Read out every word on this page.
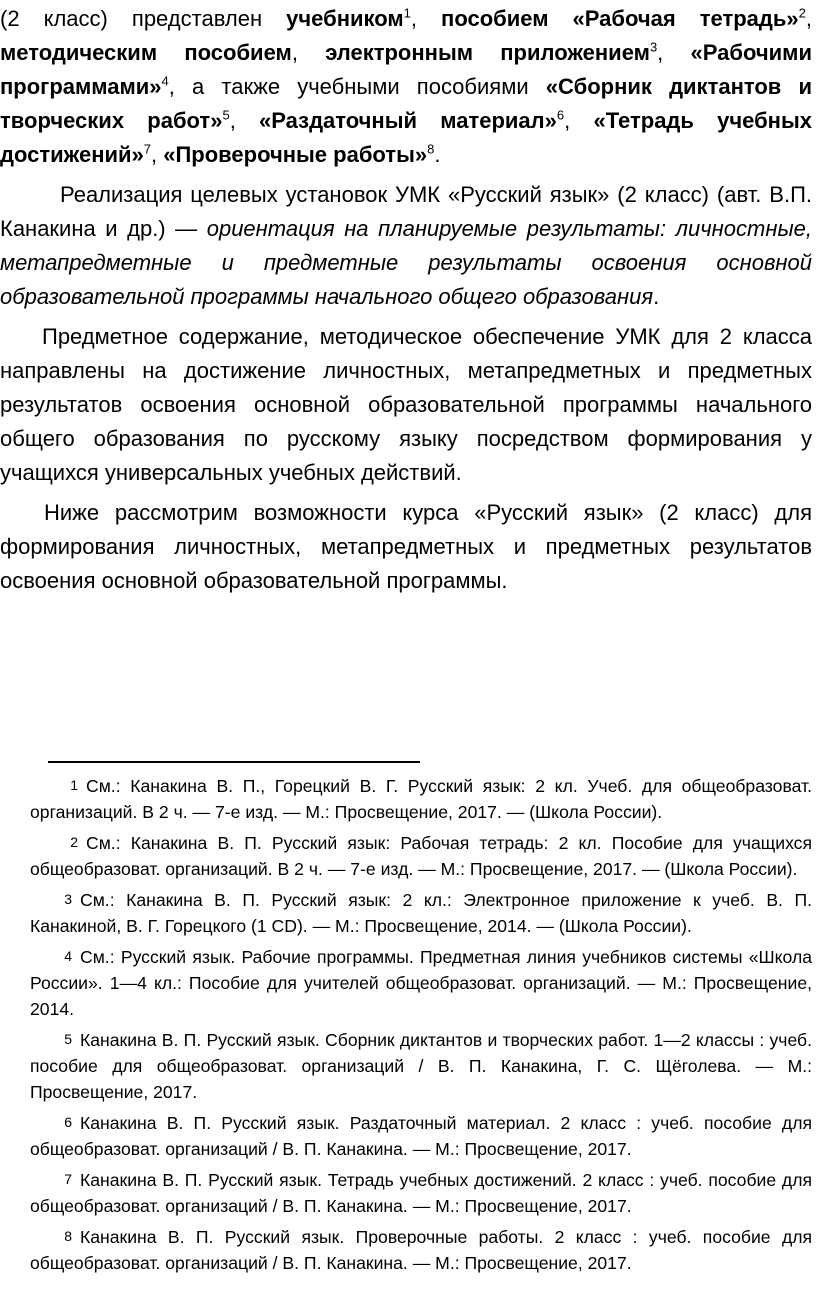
(2 класс) представлен учебником$^1$, пособием «Рабочая тетрадь»$^2$, методическим пособием, электронным приложением$^3$, «Рабочими программами»$^4$, а также учебными пособиями «Сборник диктантов и творческих работ»$^5$, «Раздаточный материал»$^6$, «Тетрадь учебных достижений»$^7$, «Проверочные работы»$^8$.

Реализация целевых установок УМК «Русский язык» (2 класс) (авт. В.П. Канакина и др.) — ориентация на планируемые результаты: личностные, метапредметные и предметные результаты освоения основной образовательной программы начального общего образования.

Предметное содержание, методическое обеспечение УМК для 2 класса направлены на достижение личностных, метапредметных и предметных результатов освоения основной образовательной программы начального общего образования по русскому языку посредством формирования у учащихся универсальных учебных действий.

Ниже рассмотрим возможности курса «Русский язык» (2 класс) для формирования личностных, метапредметных и предметных результатов освоения основной образовательной программы.

1 См.: Канакина В. П., Горецкий В. Г. Русский язык: 2 кл. Учеб. для общеобразоват. организаций. В 2 ч. — 7-е изд. — М.: Просвещение, 2017. — (Школа России).

2 См.: Канакина В. П. Русский язык: Рабочая тетрадь: 2 кл. Пособие для учащихся общеобразоват. организаций. В 2 ч. — 7-е изд. — М.: Просвещение, 2017. — (Школа России).

3 См.: Канакина В. П. Русский язык: 2 кл.: Электронное приложение к учеб. В. П. Канакиной, В. Г. Горецкого (1 CD). — М.: Просвещение, 2014. — (Школа России).

4 См.: Русский язык. Рабочие программы. Предметная линия учебников системы «Школа России». 1—4 кл.: Пособие для учителей общеобразоват. организаций. — М.: Просвещение, 2014.

5 Канакина В. П. Русский язык. Сборник диктантов и творческих работ. 1—2 классы : учеб. пособие для общеобразоват. организаций / В. П. Канакина, Г. С. Щёголева. — М.: Просвещение, 2017.

6 Канакина В. П. Русский язык. Раздаточный материал. 2 класс : учеб. пособие для общеобразоват. организаций / В. П. Канакина. — М.: Просвещение, 2017.

7 Канакина В. П. Русский язык. Тетрадь учебных достижений. 2 класс : учеб. пособие для общеобразоват. организаций / В. П. Канакина. — М.: Просвещение, 2017.

8 Канакина В. П. Русский язык. Проверочные работы. 2 класс : учеб. пособие для общеобразоват. организаций / В. П. Канакина. — М.: Просвещение, 2017.
